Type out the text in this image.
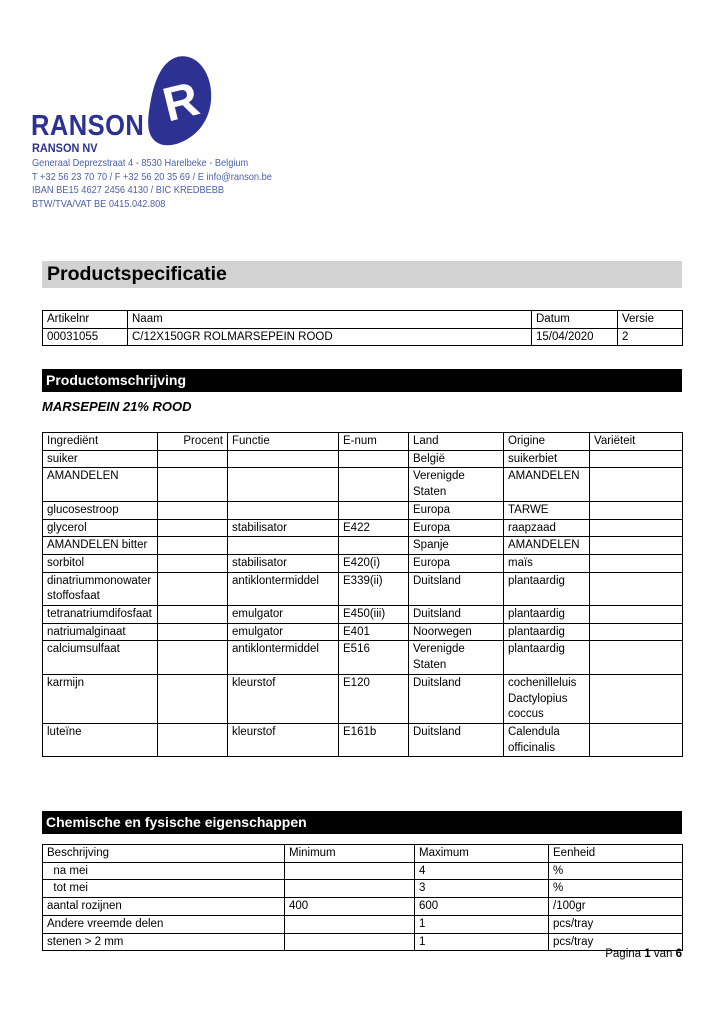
RANSON R
RANSON NV
Generaal Deprezstraat 4 - 8530 Harelbeke - Belgium
T +32 56 23 70 70 / F +32 56 20 35 69 / E info@ranson.be
IBAN BE15 4627 2456 4130 / BIC KREDBEBB
BTW/TVA/VAT BE 0415.042.808
Productspecificatie
Artikelnr	Naam	Datum	Versie
00031055	C/12X150GR ROLMARSEPEIN ROOD	15/04/2020	2
Productomschrijving
MARSEPEIN 21% ROOD
Ingrediënt	Procent	Functie	E-num	Land	Origine	Variëteit
suiker				België	suikerbiet	
AMANDELEN				Verenigde Staten	AMANDELEN	
glucosestroop				Europa	TARWE	
glycerol		stabilisator	E422	Europa	raapzaad	
AMANDELEN bitter				Spanje	AMANDELEN	
sorbitol		stabilisator	E420(i)	Europa	maïs	
dinatriummonowaterstoffosfaat		antiklontermiddel	E339(ii)	Duitsland	plantaardig	
tetranatriumdifosfaat		emulgator	E450(iii)	Duitsland	plantaardig	
natriumalginaat		emulgator	E401	Noorwegen	plantaardig	
calciumsulfaat		antiklontermiddel	E516	Verenigde Staten	plantaardig	
karmijn		kleurstof	E120	Duitsland	cochenilleluis Dactylopius coccus	
luteïne		kleurstof	E161b	Duitsland	Calendula officinalis	
Chemische en fysische eigenschappen
Beschrijving	Minimum	Maximum	Eenheid
na mei		4	%
tot mei		3	%
aantal rozijnen	400	600	/100gr
Andere vreemde delen		1	pcs/tray
stenen > 2 mm		1	pcs/tray
Pagina 1 van 6
